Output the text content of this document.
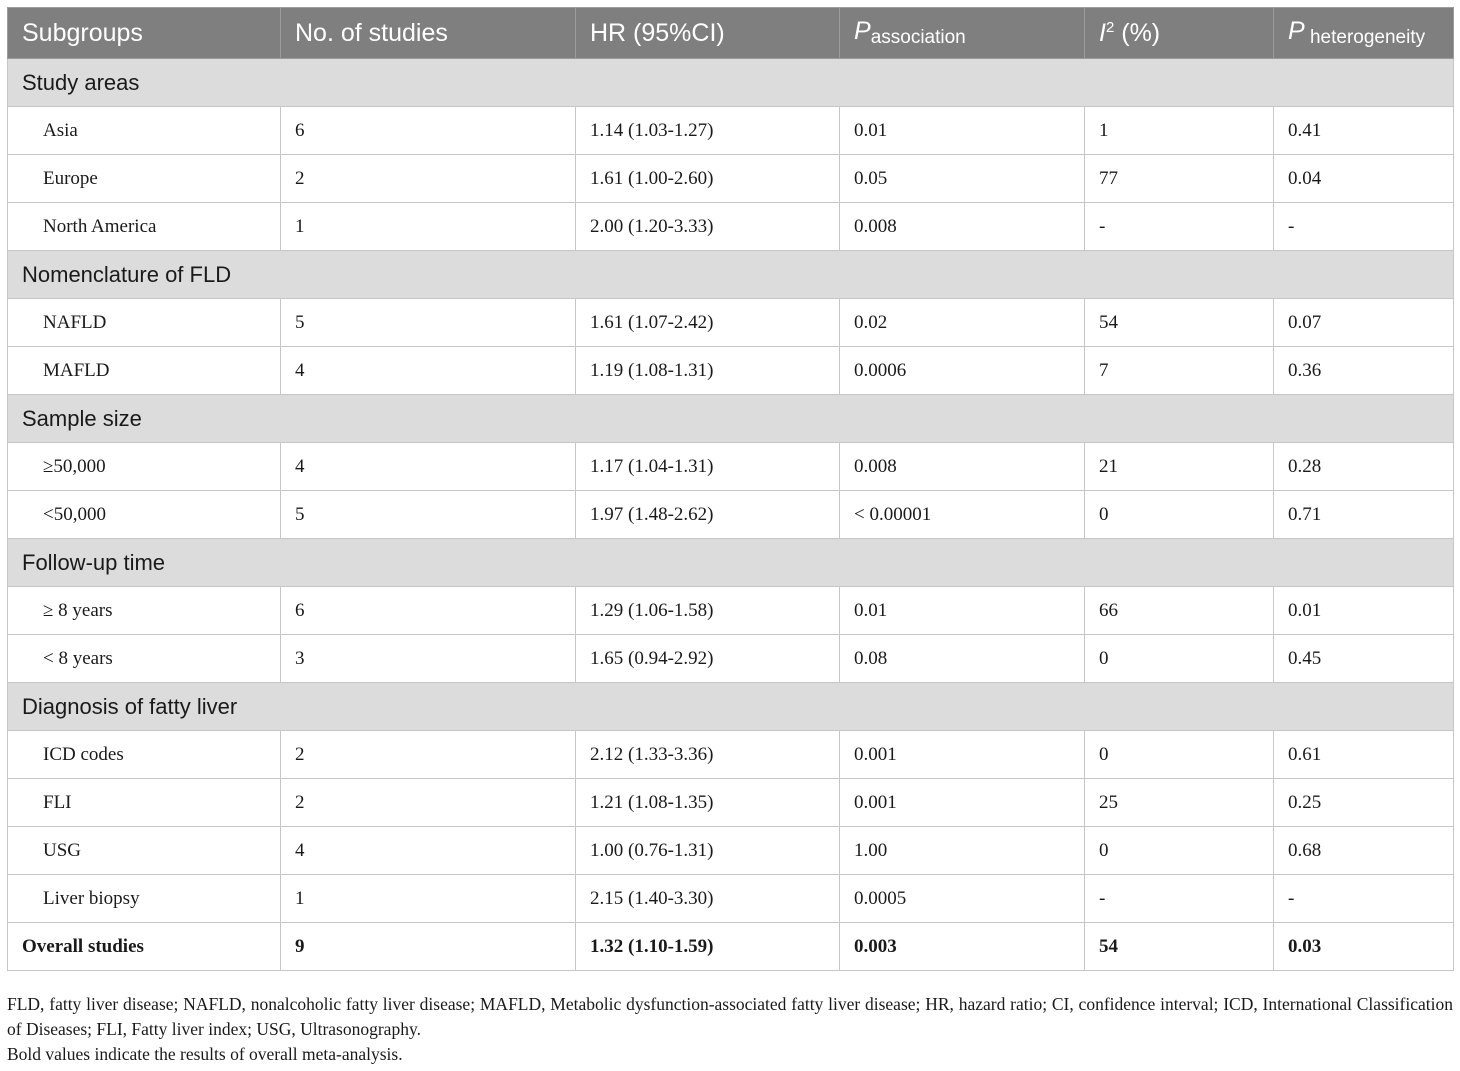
Subgroups	No. of studies	HR (95%CI)	$P_{association}$	$I^2$ (%)	P $_{heterogeneity}$
Study areas					
Asia	6	1.14 (1.03-1.27)	0.01	1	0.41
Europe	2	1.61 (1.00-2.60)	0.05	77	0.04
North America	1	2.00 (1.20-3.33)	0.008	-	-
Nomenclature of FLD					
NAFLD	5	1.61 (1.07-2.42)	0.02	54	0.07
MAFLD	4	1.19 (1.08-1.31)	0.0006	7	0.36
Sample size					
≥50,000	4	1.17 (1.04-1.31)	0.008	21	0.28
<50,000	5	1.97 (1.48-2.62)	< 0.00001	0	0.71
Follow-up time					
≥ 8 years	6	1.29 (1.06-1.58)	0.01	66	0.01
< 8 years	3	1.65 (0.94-2.92)	0.08	0	0.45
Diagnosis of fatty liver					
ICD codes	2	2.12 (1.33-3.36)	0.001	0	0.61
FLI	2	1.21 (1.08-1.35)	0.001	25	0.25
USG	4	1.00 (0.76-1.31)	1.00	0	0.68
Liver biopsy	1	2.15 (1.40-3.30)	0.0005	-	-
Overall studies	9	1.32 (1.10-1.59)	0.003	54	0.03

FLD, fatty liver disease; NAFLD, nonalcoholic fatty liver disease; MAFLD, Metabolic dysfunction-associated fatty liver disease; HR, hazard ratio; CI, confidence interval; ICD, International Classification of Diseases; FLI, Fatty liver index; USG, Ultrasonography.

Bold values indicate the results of overall meta-analysis.
